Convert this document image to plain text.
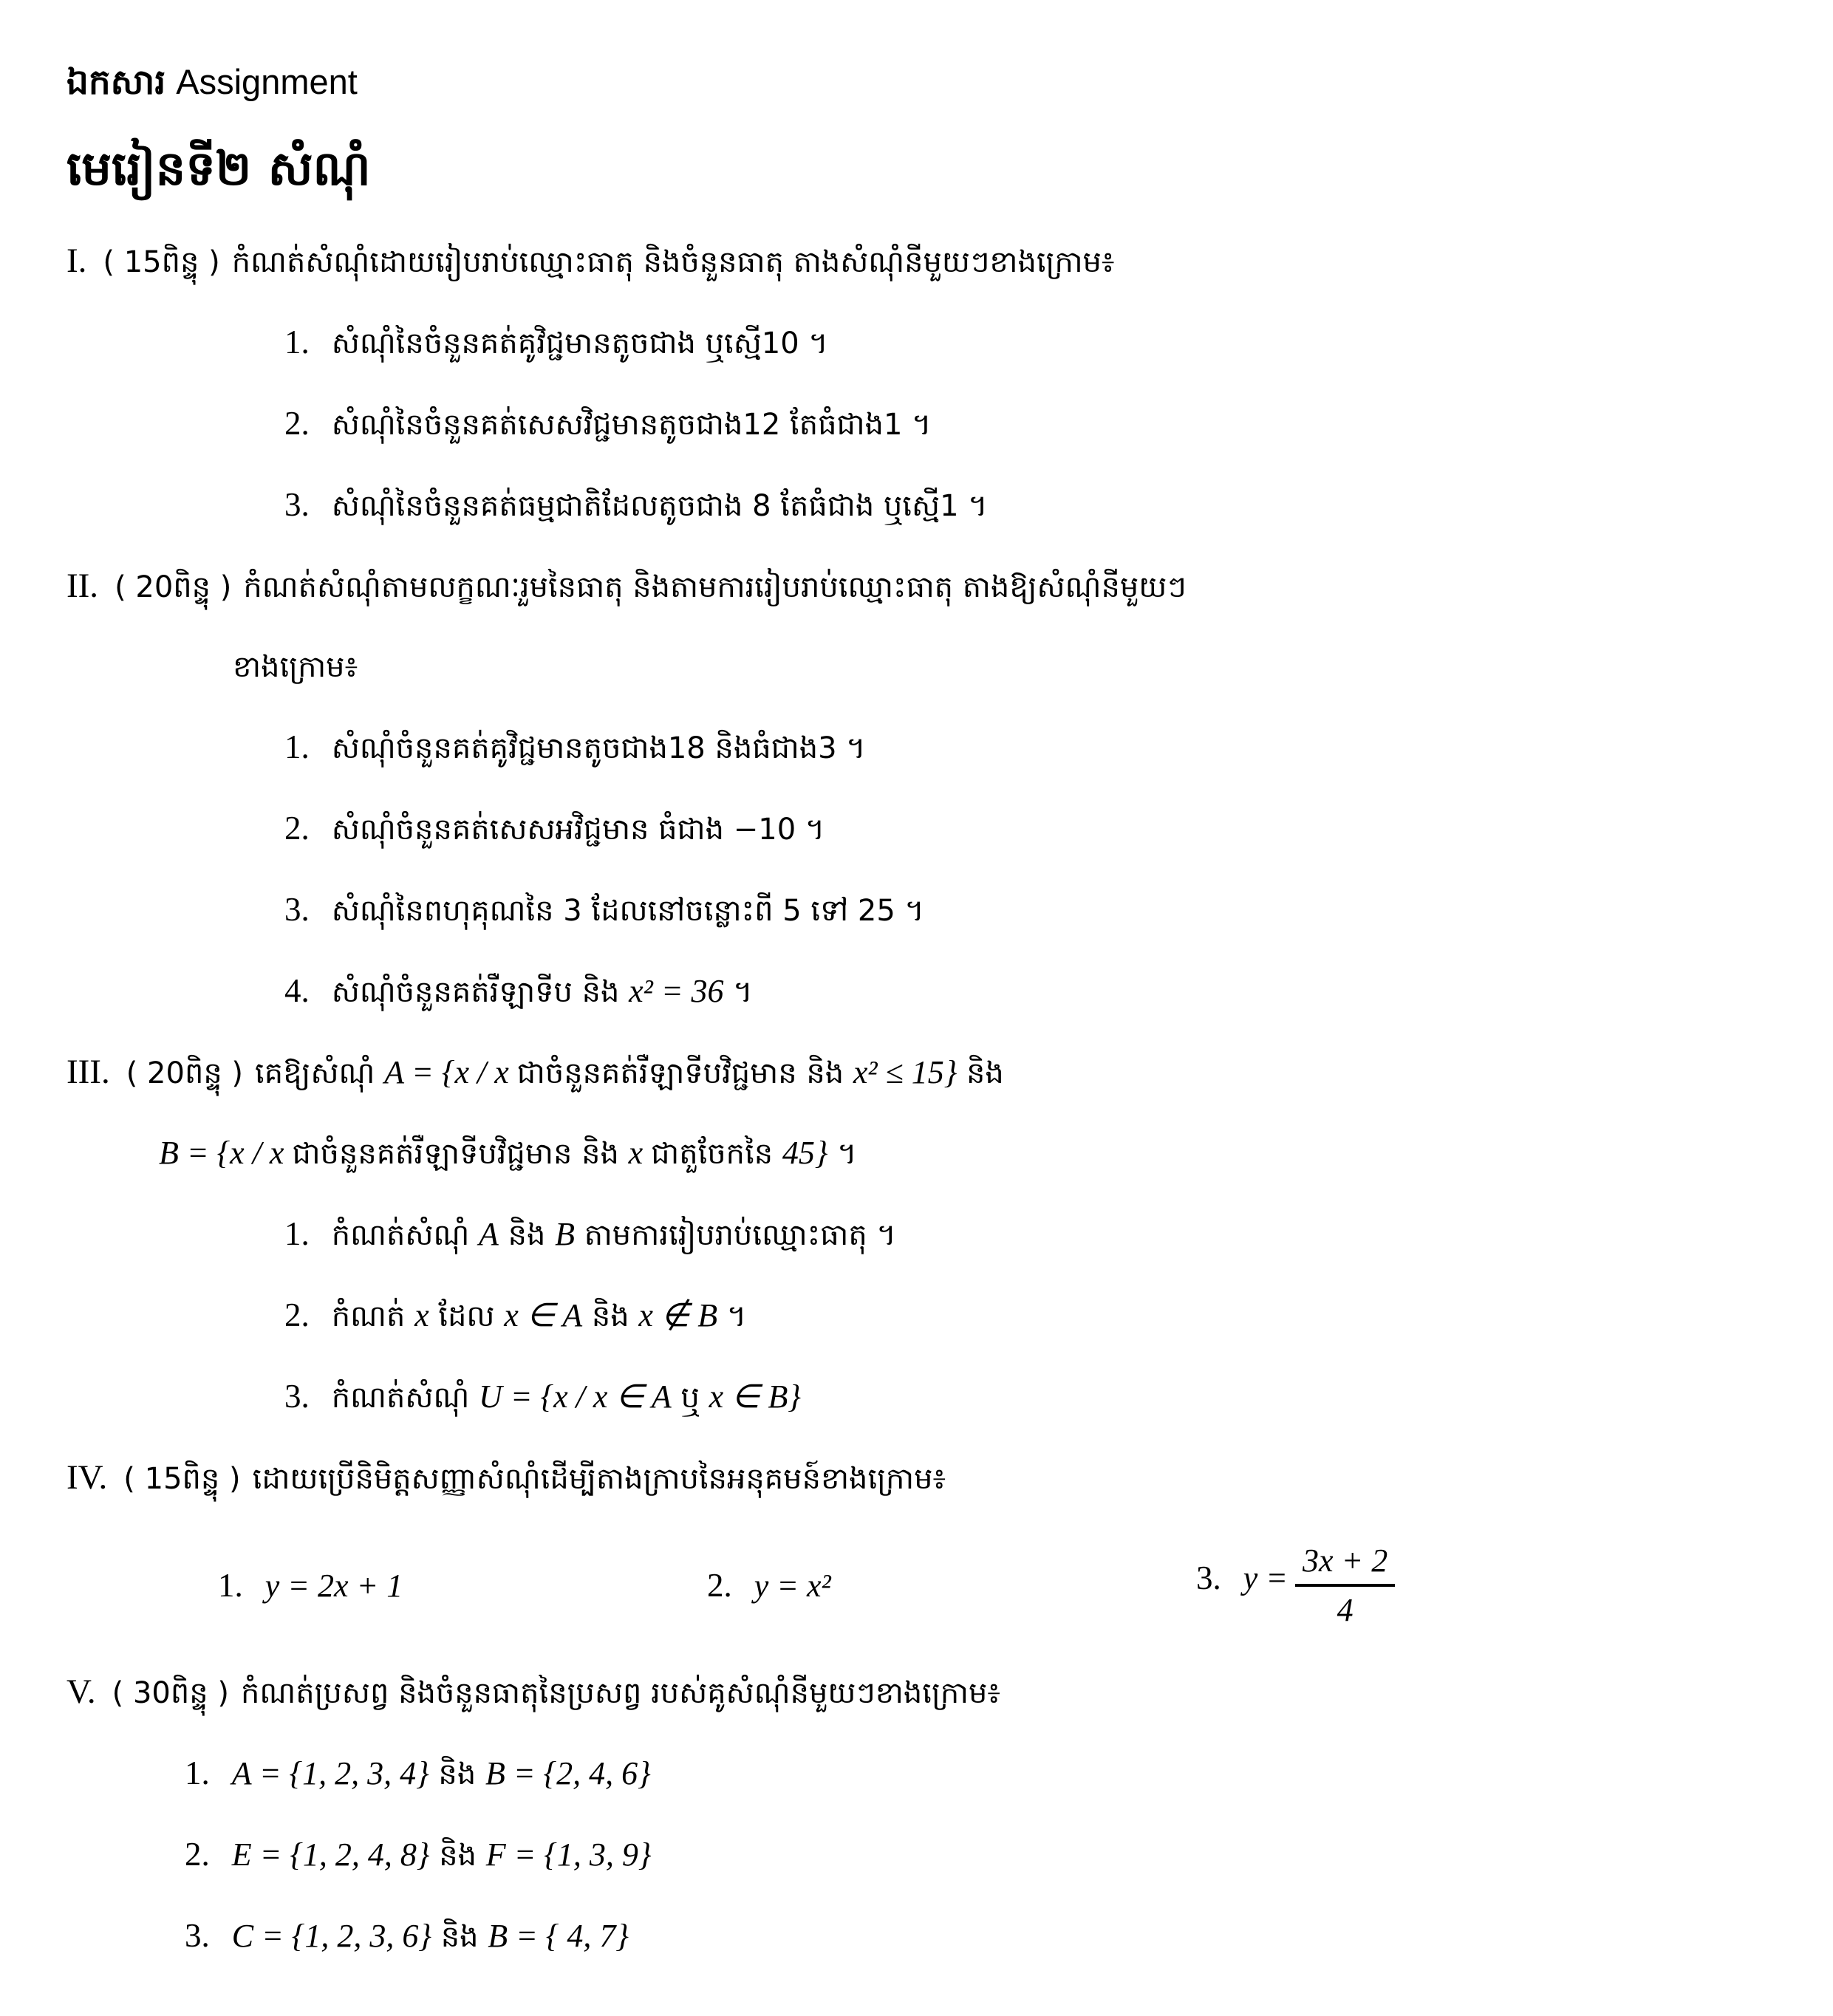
ឯកសារ Assignment
មេរៀនទី២ សំណុំ
I. ( 15ពិន្ទុ ) កំណត់សំណុំដោយរៀបរាប់ឈ្មោះធាតុ និងចំនួនធាតុ តាងសំណុំនីមួយៗខាងក្រោម៖
1. សំណុំនៃចំនួនគត់គូវិជ្ជមានតូចជាង ឬស្មើ10 ។
2. សំណុំនៃចំនួនគត់សេសវិជ្ជមានតូចជាង12 តែធំជាង1 ។
3. សំណុំនៃចំនួនគត់ធម្មជាតិដែលតូចជាង 8 តែធំជាង ឬស្មើ1 ។
II. ( 20ពិន្ទុ ) កំណត់សំណុំតាមលក្ខណៈរួមនៃធាតុ និងតាមការរៀបរាប់ឈ្មោះធាតុ តាងឱ្យសំណុំនីមួយៗ
ខាងក្រោម៖
1. សំណុំចំនួនគត់គូវិជ្ជមានតូចជាង18 និងធំជាង3 ។
2. សំណុំចំនួនគត់សេសអវិជ្ជមាន ធំជាង −10 ។
3. សំណុំនៃពហុគុណនៃ 3 ដែលនៅចន្លោះពី 5 ទៅ 25 ។
4. សំណុំចំនួនគត់រឺឡាទីប និង x² = 36 ។
III. ( 20ពិន្ទុ ) គេឱ្យសំណុំ A = {x / x ជាចំនួនគត់រឺឡាទីបវិជ្ជមាន និង x² ≤ 15} និង
B = {x / x ជាចំនួនគត់រឺឡាទីបវិជ្ជមាន និង x ជាតួចែកនៃ 45} ។
1. កំណត់សំណុំ A និង B តាមការរៀបរាប់ឈ្មោះធាតុ ។
2. កំណត់ x ដែល x ∈ A និង x ∉ B ។
3. កំណត់សំណុំ U = {x / x ∈ A ឬ x ∈ B}
IV. ( 15ពិន្ទុ ) ដោយប្រើនិមិត្តសញ្ញាសំណុំដើម្បីតាងក្រាបនៃអនុគមន៍ខាងក្រោម៖
1. y = 2x + 1	2. y = x²	3. $y = \frac{3x + 2}{4}$
V. ( 30ពិន្ទុ ) កំណត់ប្រសព្វ និងចំនួនធាតុនៃប្រសព្វ របស់គូសំណុំនីមួយៗខាងក្រោម៖
1. A = {1, 2, 3, 4} និង B = {2, 4, 6}
2. E = {1, 2, 4, 8} និង F = {1, 3, 9}
3. C = {1, 2, 3, 6} និង B = { 4, 7}
